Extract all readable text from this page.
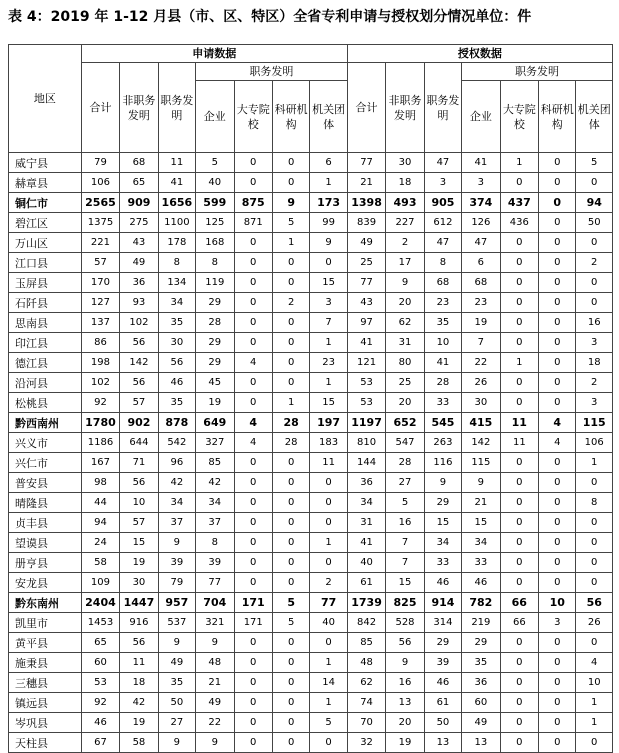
表 4：2019 年 1-12 月县（市、区、特区）全省专利申请与授权划分情况单位：件
地区	申请数据							授权数据						
	合计	非职务发明	职务发明	职务发明				合计	非职务发明	职务发明	职务发明			
				企业	大专院校	科研机构	机关团体				企业	大专院校	科研机构	机关团体
威宁县	79	68	11	5	0	0	6	77	30	47	41	1	0	5
赫章县	106	65	41	40	0	0	1	21	18	3	3	0	0	0
铜仁市	2565	909	1656	599	875	9	173	1398	493	905	374	437	0	94
碧江区	1375	275	1100	125	871	5	99	839	227	612	126	436	0	50
万山区	221	43	178	168	0	1	9	49	2	47	47	0	0	0
江口县	57	49	8	8	0	0	0	25	17	8	6	0	0	2
玉屏县	170	36	134	119	0	0	15	77	9	68	68	0	0	0
石阡县	127	93	34	29	0	2	3	43	20	23	23	0	0	0
思南县	137	102	35	28	0	0	7	97	62	35	19	0	0	16
印江县	86	56	30	29	0	0	1	41	31	10	7	0	0	3
德江县	198	142	56	29	4	0	23	121	80	41	22	1	0	18
沿河县	102	56	46	45	0	0	1	53	25	28	26	0	0	2
松桃县	92	57	35	19	0	1	15	53	20	33	30	0	0	3
黔西南州	1780	902	878	649	4	28	197	1197	652	545	415	11	4	115
兴义市	1186	644	542	327	4	28	183	810	547	263	142	11	4	106
兴仁市	167	71	96	85	0	0	11	144	28	116	115	0	0	1
普安县	98	56	42	42	0	0	0	36	27	9	9	0	0	0
晴隆县	44	10	34	34	0	0	0	34	5	29	21	0	0	8
贞丰县	94	57	37	37	0	0	0	31	16	15	15	0	0	0
望谟县	24	15	9	8	0	0	1	41	7	34	34	0	0	0
册亨县	58	19	39	39	0	0	0	40	7	33	33	0	0	0
安龙县	109	30	79	77	0	0	2	61	15	46	46	0	0	0
黔东南州	2404	1447	957	704	171	5	77	1739	825	914	782	66	10	56
凯里市	1453	916	537	321	171	5	40	842	528	314	219	66	3	26
黄平县	65	56	9	9	0	0	0	85	56	29	29	0	0	0
施秉县	60	11	49	48	0	0	1	48	9	39	35	0	0	4
三穗县	53	18	35	21	0	0	14	62	16	46	36	0	0	10
镇远县	92	42	50	49	0	0	1	74	13	61	60	0	0	1
岑巩县	46	19	27	22	0	0	5	70	20	50	49	0	0	1
天柱县	67	58	9	9	0	0	0	32	19	13	13	0	0	0
